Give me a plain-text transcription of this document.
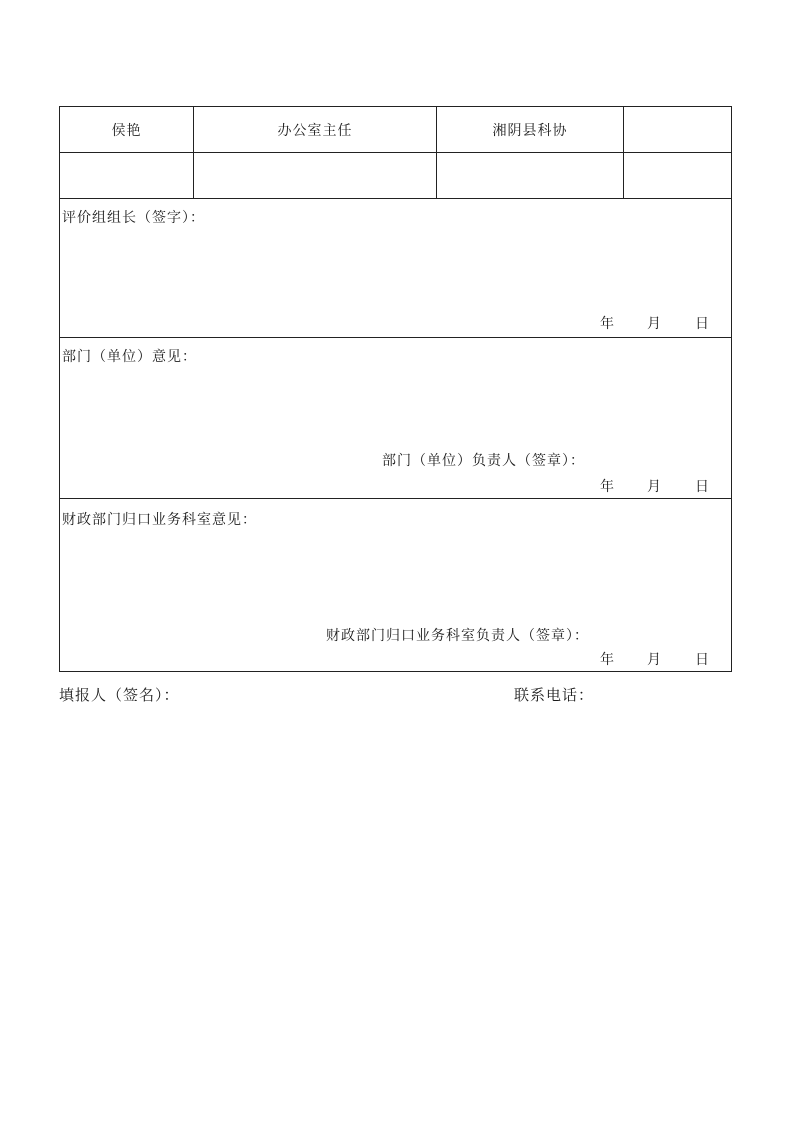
侯艳	办公室主任	湘阴县科协
评价组组长（签字）：
年 月 日
部门（单位）意见：
部门（单位）负责人（签章）：
年 月 日
财政部门归口业务科室意见：
财政部门归口业务科室负责人（签章）：
年 月 日
填报人（签名）：	联系电话：
